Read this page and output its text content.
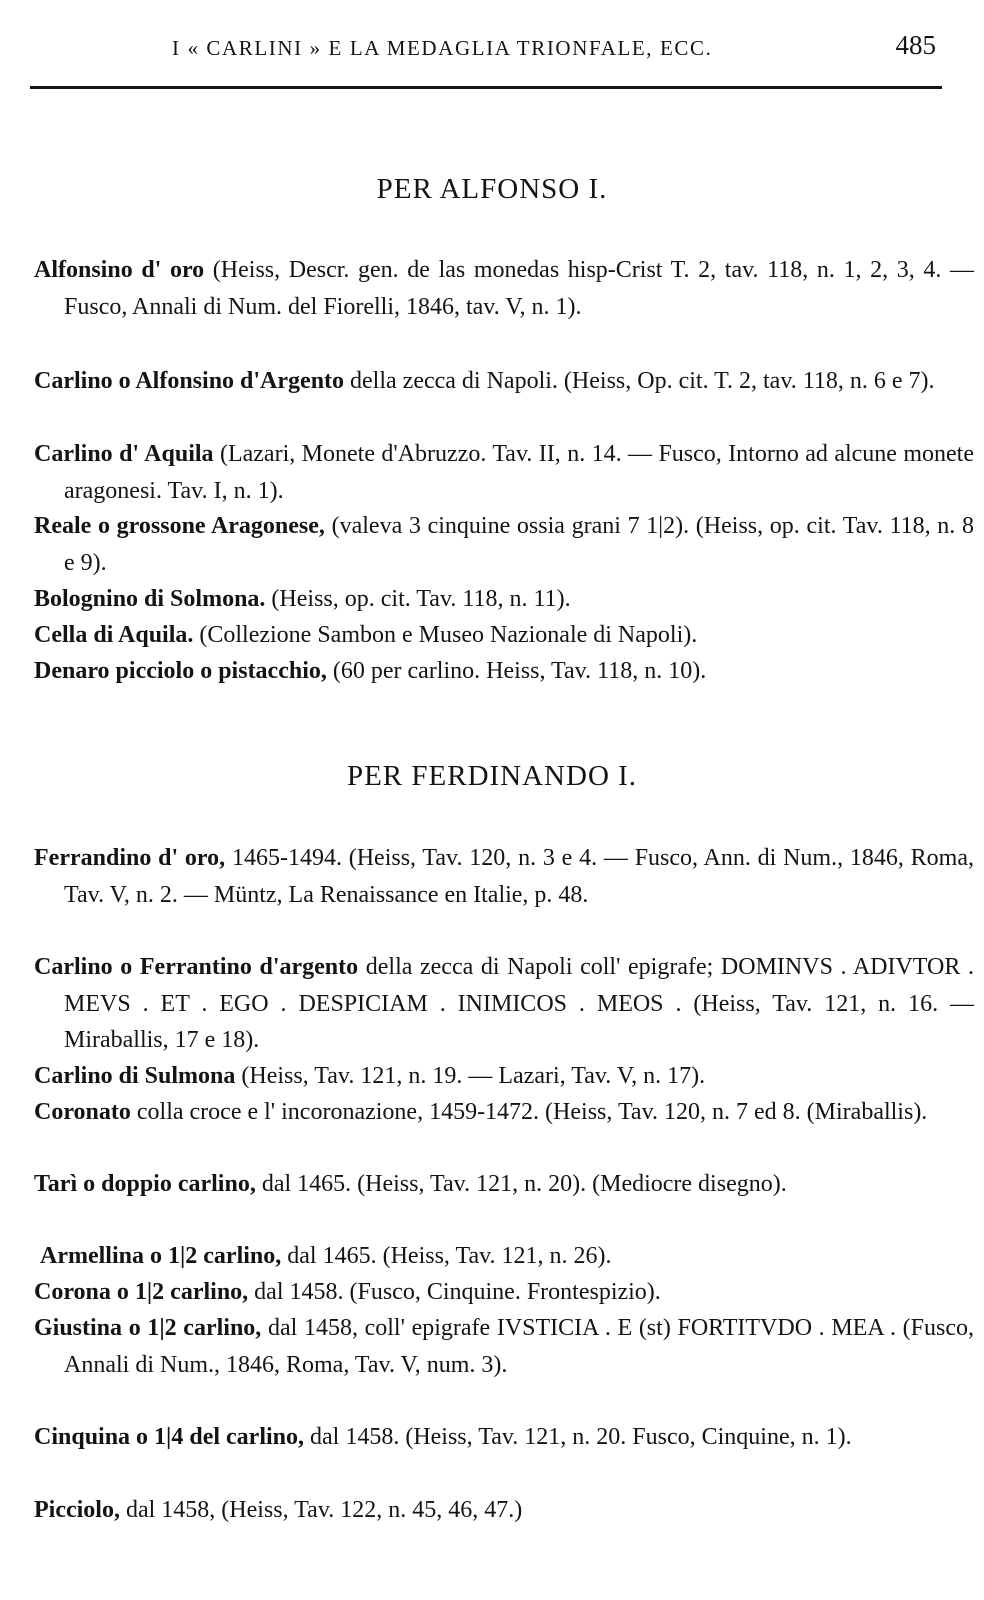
I « CARLINI » E LA MEDAGLIA TRIONFALE, ECC.	485
PER ALFONSO I.
Alfonsino d' oro (Heiss, Descr. gen. de las monedas hisp-Crist T. 2, tav. 118, n. 1, 2, 3, 4. — Fusco, Annali di Num. del Fiorelli, 1846, tav. V, n. 1).
Carlino o Alfonsino d'Argento della zecca di Napoli. (Heiss, Op. cit. T. 2, tav. 118, n. 6 e 7).
Carlino d' Aquila (Lazari, Monete d'Abruzzo. Tav. II, n. 14. — Fusco, Intorno ad alcune monete aragonesi. Tav. I, n. 1).
Reale o grossone Aragonese, (valeva 3 cinquine ossia grani 7 1|2). (Heiss, op. cit. Tav. 118, n. 8 e 9).
Bolognino di Solmona. (Heiss, op. cit. Tav. 118, n. 11).
Cella di Aquila. (Collezione Sambon e Museo Nazionale di Napoli).
Denaro picciolo o pistacchio, (60 per carlino. Heiss, Tav. 118, n. 10).
PER FERDINANDO I.
Ferrandino d' oro, 1465-1494. (Heiss, Tav. 120, n. 3 e 4. — Fusco, Ann. di Num., 1846, Roma, Tav. V, n. 2. — Müntz, La Renaissance en Italie, p. 48.
Carlino o Ferrantino d'argento della zecca di Napoli coll' epigrafe; DOMINVS . ADIVTOR . MEVS . ET . EGO . DESPICIAM . INIMICOS . MEOS . (Heiss, Tav. 121, n. 16. — Miraballis, 17 e 18).
Carlino di Sulmona (Heiss, Tav. 121, n. 19. — Lazari, Tav. V, n. 17).
Coronato colla croce e l' incoronazione, 1459-1472. (Heiss, Tav. 120, n. 7 ed 8. (Miraballis).
Tarì o doppio carlino, dal 1465. (Heiss, Tav. 121, n. 20). (Mediocre disegno).
Armellina o 1|2 carlino, dal 1465. (Heiss, Tav. 121, n. 26).
Corona o 1|2 carlino, dal 1458. (Fusco, Cinquine. Frontespizio).
Giustina o 1|2 carlino, dal 1458, coll' epigrafe IVSTICIA . E (st) FORTITVDO . MEA . (Fusco, Annali di Num., 1846, Roma, Tav. V, num. 3).
Cinquina o 1|4 del carlino, dal 1458. (Heiss, Tav. 121, n. 20. Fusco, Cinquine, n. 1).
Picciolo, dal 1458, (Heiss, Tav. 122, n. 45, 46, 47.)
